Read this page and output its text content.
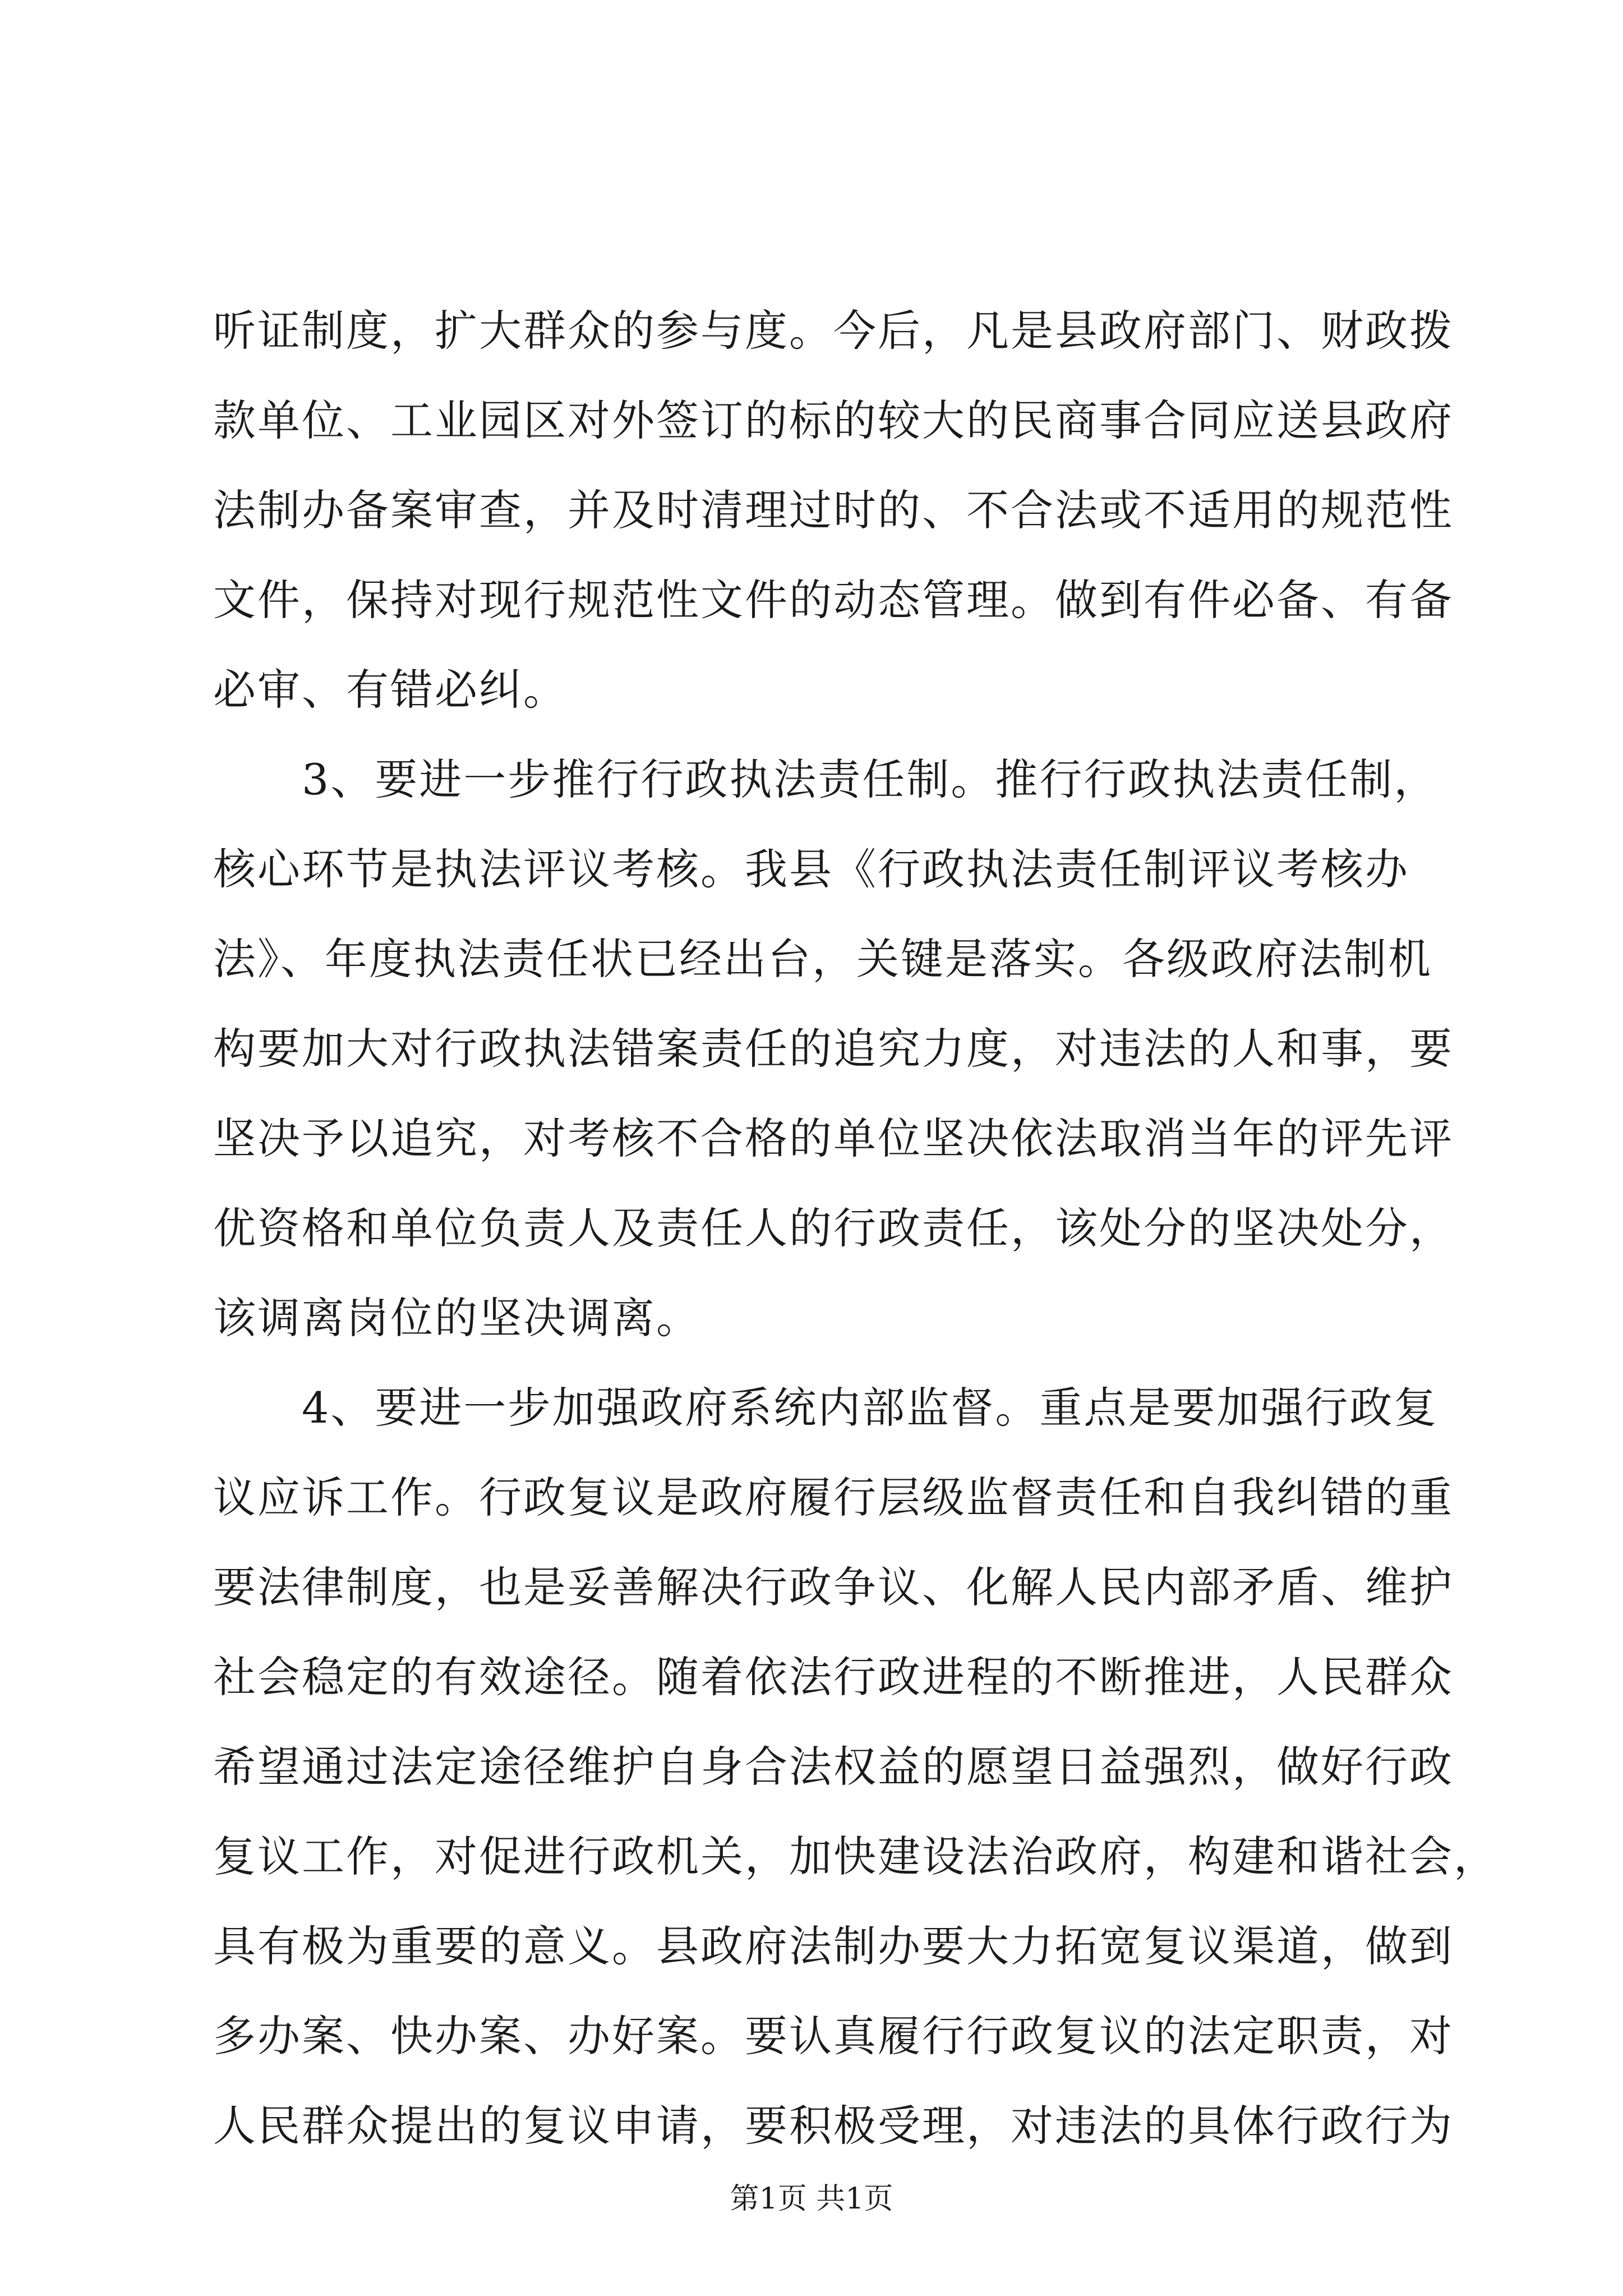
听证制度，扩大群众的参与度。今后，凡是县政府部门、财政拨

款单位、工业园区对外签订的标的较大的民商事合同应送县政府

法制办备案审查，并及时清理过时的、不合法或不适用的规范性

文件，保持对现行规范性文件的动态管理。做到有件必备、有备

必审、有错必纠。

　　3、要进一步推行行政执法责任制。推行行政执法责任制，

核心环节是执法评议考核。我县《行政执法责任制评议考核办

法》、年度执法责任状已经出台，关键是落实。各级政府法制机

构要加大对行政执法错案责任的追究力度，对违法的人和事，要

坚决予以追究，对考核不合格的单位坚决依法取消当年的评先评

优资格和单位负责人及责任人的行政责任，该处分的坚决处分，

该调离岗位的坚决调离。

　　4、要进一步加强政府系统内部监督。重点是要加强行政复

议应诉工作。行政复议是政府履行层级监督责任和自我纠错的重

要法律制度，也是妥善解决行政争议、化解人民内部矛盾、维护

社会稳定的有效途径。随着依法行政进程的不断推进，人民群众

希望通过法定途径维护自身合法权益的愿望日益强烈，做好行政

复议工作，对促进行政机关，加快建设法治政府，构建和谐社会，

具有极为重要的意义。县政府法制办要大力拓宽复议渠道，做到

多办案、快办案、办好案。要认真履行行政复议的法定职责，对

人民群众提出的复议申请，要积极受理，对违法的具体行政行为

第1页 共1页
